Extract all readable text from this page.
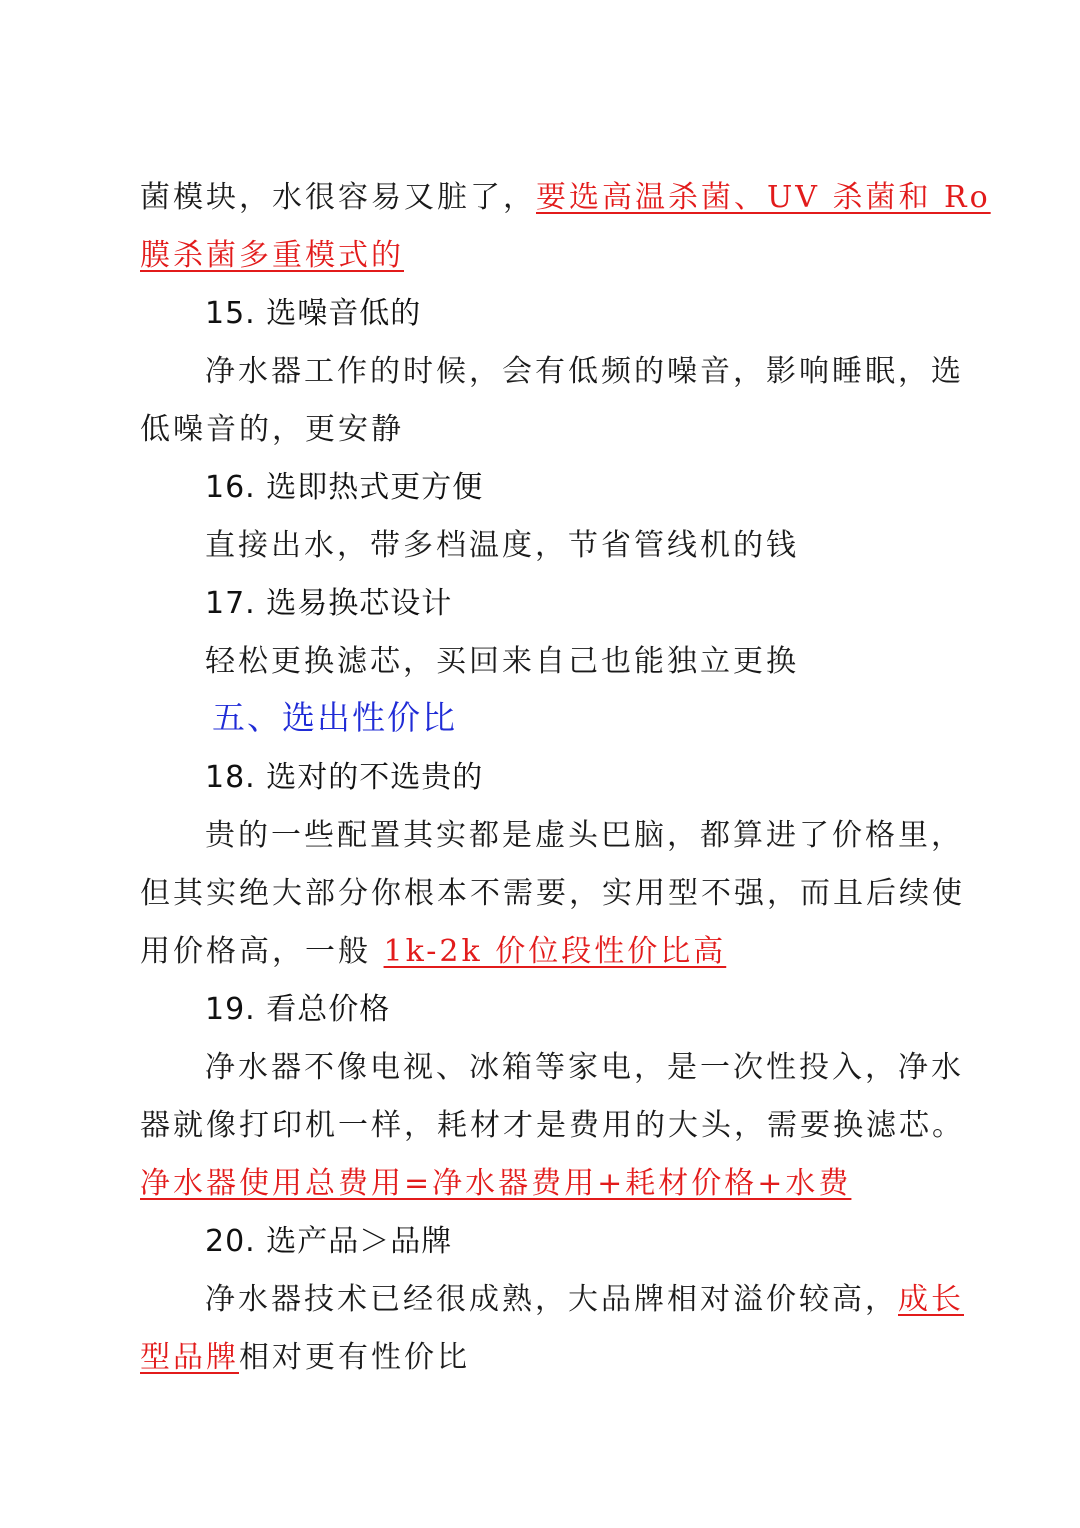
菌模块，水很容易又脏了，要选高温杀菌、UV 杀菌和 Ro
膜杀菌多重模式的
15. 选噪音低的
净水器工作的时候，会有低频的噪音，影响睡眠，选
低噪音的，更安静
16. 选即热式更方便
直接出水，带多档温度，节省管线机的钱
17. 选易换芯设计
轻松更换滤芯，买回来自己也能独立更换
五、选出性价比
18. 选对的不选贵的
贵的一些配置其实都是虚头巴脑，都算进了价格里，
但其实绝大部分你根本不需要，实用型不强，而且后续使
用价格高，一般 1k-2k 价位段性价比高
19. 看总价格
净水器不像电视、冰箱等家电，是一次性投入，净水
器就像打印机一样，耗材才是费用的大头，需要换滤芯。
净水器使用总费用=净水器费用+耗材价格+水费
20. 选产品＞品牌
净水器技术已经很成熟，大品牌相对溢价较高，成长
型品牌相对更有性价比
